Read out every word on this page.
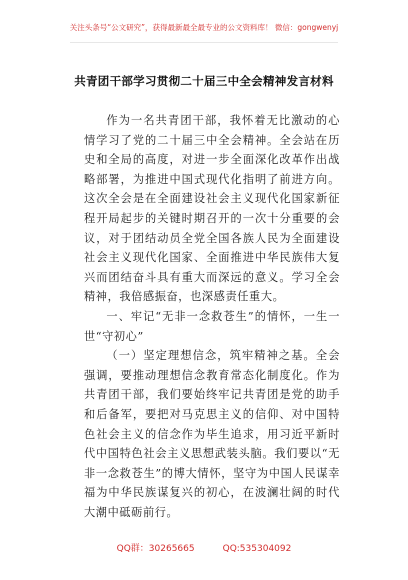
关注头条号“公文研究”，获得最新最全最专业的公文资料库！ 微信：gongwenyj
共青团干部学习贯彻二十届三中全会精神发言材料

作为一名共青团干部，我怀着无比激动的心情学习了党的二十届三中全会精神。全会站在历史和全局的高度，对进一步全面深化改革作出战略部署，为推进中国式现代化指明了前进方向。这次全会是在全面建设社会主义现代化国家新征程开局起步的关键时期召开的一次十分重要的会议，对于团结动员全党全国各族人民为全面建设社会主义现代化国家、全面推进中华民族伟大复兴而团结奋斗具有重大而深远的意义。学习全会精神，我倍感振奋，也深感责任重大。

一、牢记“无非一念救苍生”的情怀，一生一世“守初心”

（一）坚定理想信念，筑牢精神之基。全会强调，要推动理想信念教育常态化制度化。作为共青团干部，我们要始终牢记共青团是党的助手和后备军，要把对马克思主义的信仰、对中国特色社会主义的信念作为毕生追求，用习近平新时代中国特色社会主义思想武装头脑。我们要以“无非一念救苍生”的博大情怀，坚守为中国人民谋幸福为中华民族谋复兴的初心，在波澜壮阔的时代大潮中砥砺前行。

QQ群：30265665	QQ:535304092
